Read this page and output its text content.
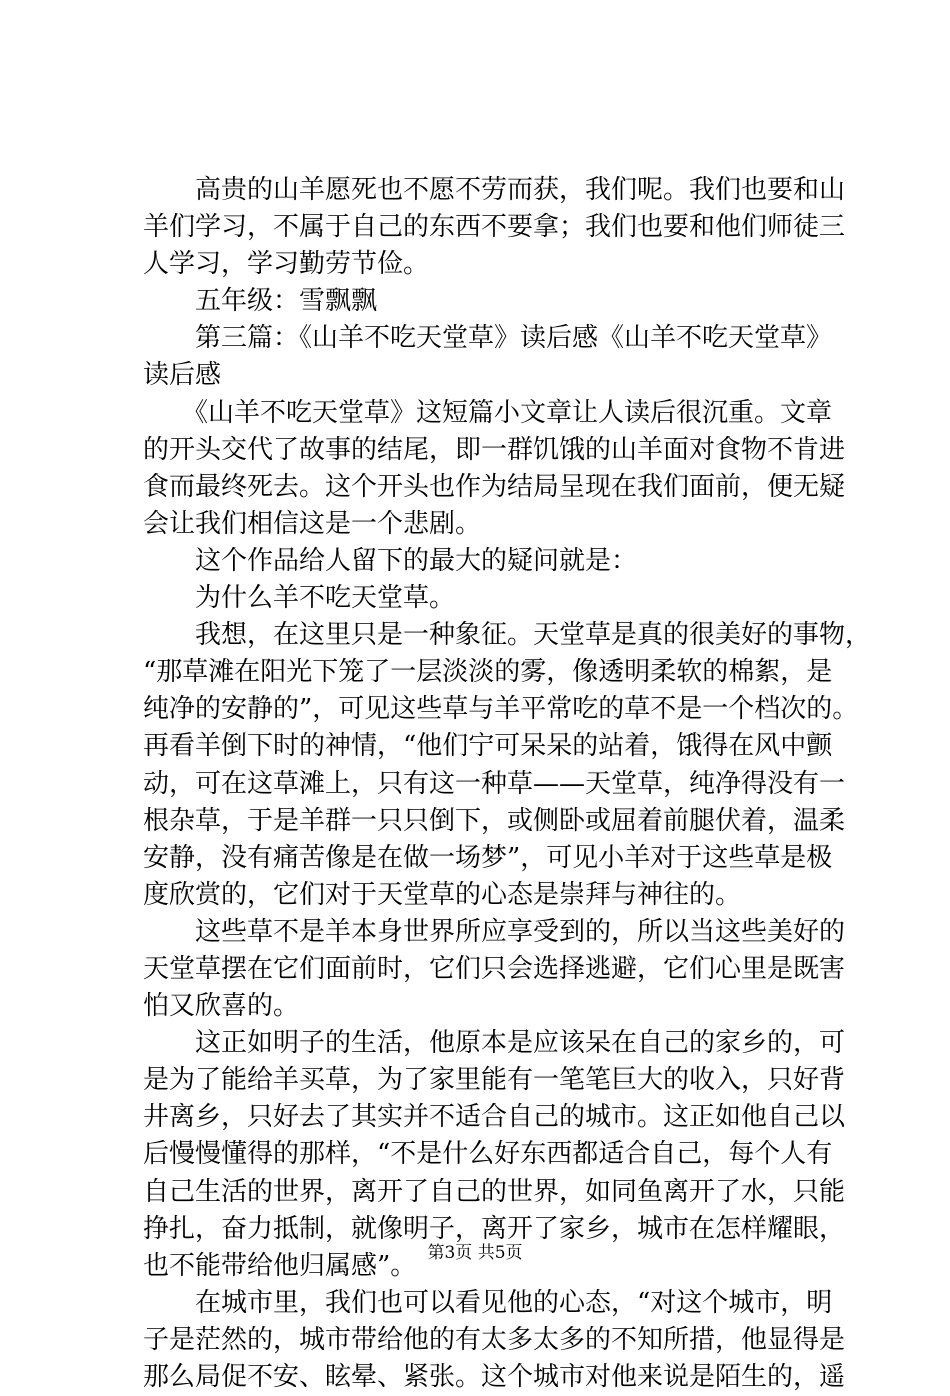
　　高贵的山羊愿死也不愿不劳而获，我们呢。我们也要和山
羊们学习，不属于自己的东西不要拿；我们也要和他们师徒三
人学习，学习勤劳节俭。
　　五年级：雪飘飘
　　第三篇：《山羊不吃天堂草》读后感《山羊不吃天堂草》
读后感
　　《山羊不吃天堂草》这短篇小文章让人读后很沉重。文章
的开头交代了故事的结尾，即一群饥饿的山羊面对食物不肯进
食而最终死去。这个开头也作为结局呈现在我们面前，便无疑
会让我们相信这是一个悲剧。
　　这个作品给人留下的最大的疑问就是：
　　为什么羊不吃天堂草。
　　我想，在这里只是一种象征。天堂草是真的很美好的事物，
“那草滩在阳光下笼了一层淡淡的雾，像透明柔软的棉絮，是
纯净的安静的”，可见这些草与羊平常吃的草不是一个档次的。
再看羊倒下时的神情，“他们宁可呆呆的站着，饿得在风中颤
动，可在这草滩上，只有这一种草——天堂草，纯净得没有一
根杂草，于是羊群一只只倒下，或侧卧或屈着前腿伏着，温柔
安静，没有痛苦像是在做一场梦”，可见小羊对于这些草是极
度欣赏的，它们对于天堂草的心态是崇拜与神往的。
　　这些草不是羊本身世界所应享受到的，所以当这些美好的
天堂草摆在它们面前时，它们只会选择逃避，它们心里是既害
怕又欣喜的。
　　这正如明子的生活，他原本是应该呆在自己的家乡的，可
是为了能给羊买草，为了家里能有一笔笔巨大的收入，只好背
井离乡，只好去了其实并不适合自己的城市。这正如他自己以
后慢慢懂得的那样，“不是什么好东西都适合自己，每个人有
自己生活的世界，离开了自己的世界，如同鱼离开了水，只能
挣扎，奋力抵制，就像明子，离开了家乡，城市在怎样耀眼，
也不能带给他归属感”。
　　在城市里，我们也可以看见他的心态，“对这个城市，明
子是茫然的，城市带给他的有太多太多的不知所措，他显得是
那么局促不安、眩晕、紧张。这个城市对他来说是陌生的，遥
第3页 共5页
